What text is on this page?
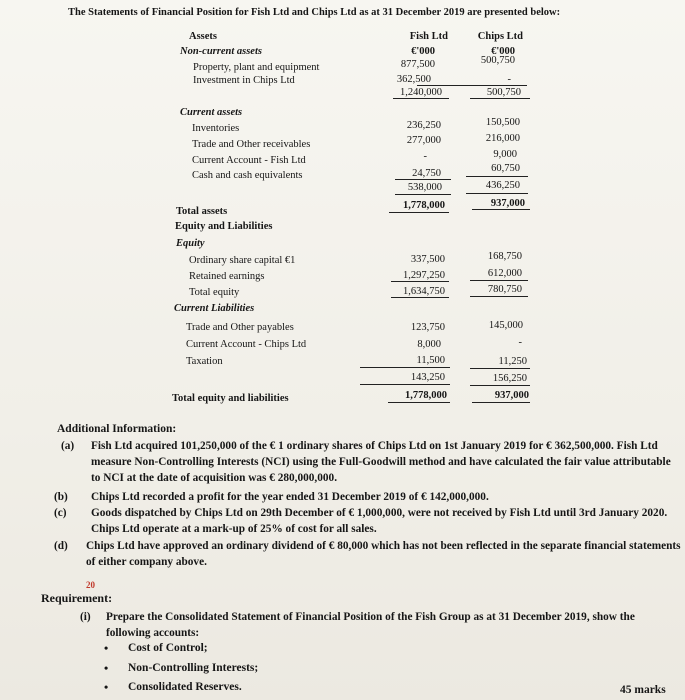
The Statements of Financial Position for Fish Ltd and Chips Ltd as at 31 December 2019 are presented below:
Assets	Fish Ltd	Chips Ltd
Non-current assets	€'000	€'000
Property, plant and equipment	877,500	500,750
Investment in Chips Ltd	362,500	-
1,240,000	500,750
Current assets
Inventories	236,250	150,500
Trade and Other receivables	277,000	216,000
Current Account - Fish Ltd	-	9,000
Cash and cash equivalents	24,750	60,750
538,000	436,250
Total assets
1,778,000	937,000
Equity and Liabilities
Equity
Ordinary share capital €1	337,500	168,750
Retained earnings	1,297,250	612,000
Total equity	1,634,750	780,750
Current Liabilities
Trade and Other payables	123,750	145,000
Current Account - Chips Ltd	8,000	-
Taxation	11,500	11,250
143,250	156,250
Total equity and liabilities	1,778,000	937,000
Additional Information:
(a) Fish Ltd acquired 101,250,000 of the € 1 ordinary shares of Chips Ltd on 1st January 2019 for € 362,500,000. Fish Ltd measure Non-Controlling Interests (NCI) using the Full-Goodwill method and have calculated the fair value attributable to NCI at the date of acquisition was € 280,000,000.
(b) Chips Ltd recorded a profit for the year ended 31 December 2019 of € 142,000,000.
(c) Goods dispatched by Chips Ltd on 29th December of € 1,000,000, were not received by Fish Ltd until 3rd January 2020. Chips Ltd operate at a mark-up of 25% of cost for all sales.
(d) Chips Ltd have approved an ordinary dividend of € 80,000 which has not been reflected in the separate financial statements of either company above.
20
Requirement:
(i) Prepare the Consolidated Statement of Financial Position of the Fish Group as at 31 December 2019, show the following accounts:
• Cost of Control;
• Non-Controlling Interests;
• Consolidated Reserves.	45 marks
